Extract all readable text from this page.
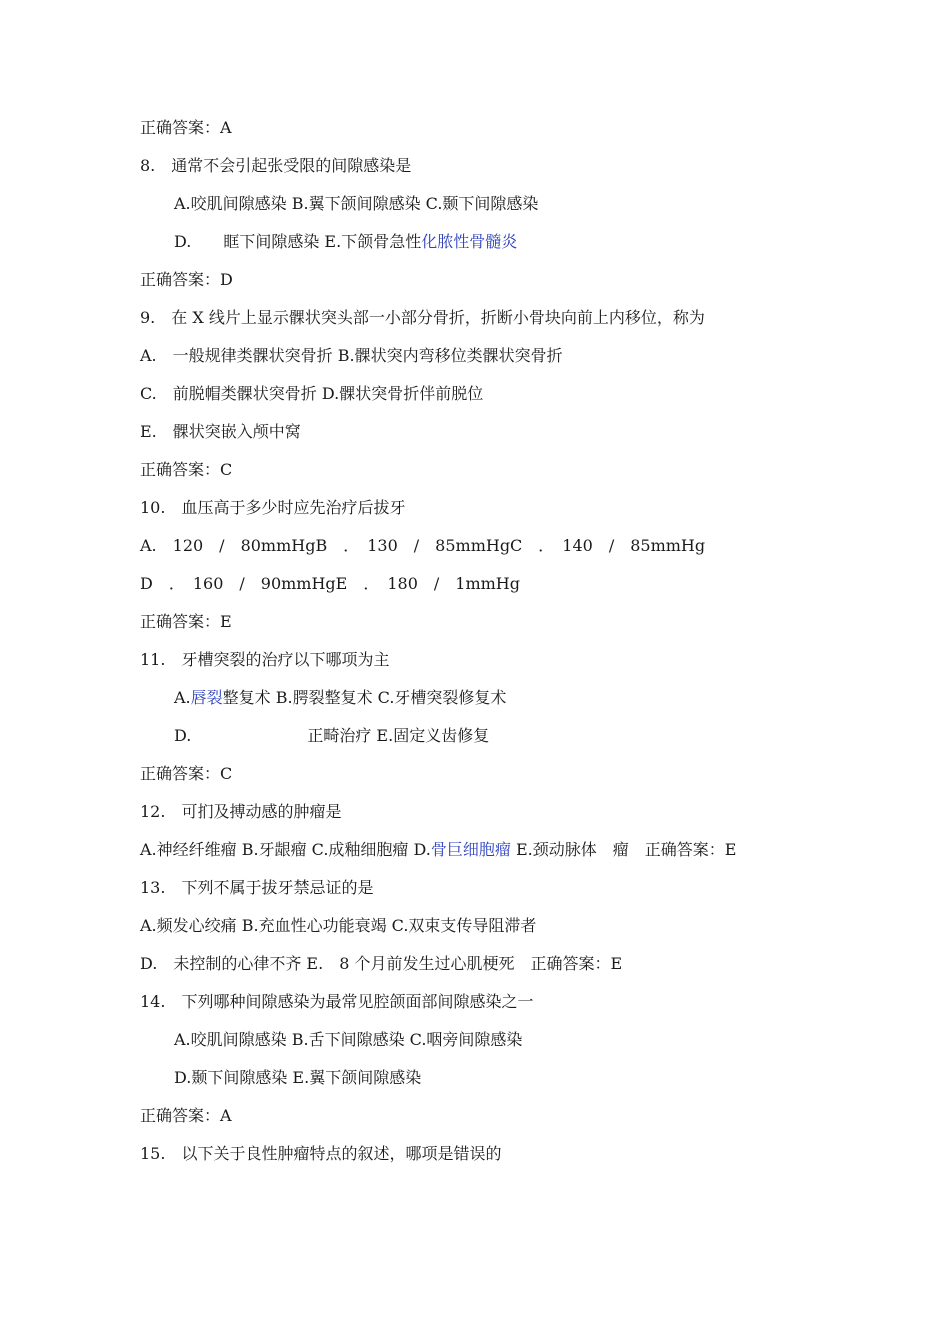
正确答案：A
8.　通常不会引起张受限的间隙感染是
A.咬肌间隙感染 B.翼下颌间隙感染 C.颞下间隙感染
D.　　眶下间隙感染 E.下颌骨急性化脓性骨髓炎
正确答案：D
9.　在 X 线片上显示髁状突头部一小部分骨折，折断小骨块向前上内移位，称为
A.　一般规律类髁状突骨折 B.髁状突内弯移位类髁状突骨折
C.　前脱帽类髁状突骨折 D.髁状突骨折伴前脱位
E.　髁状突嵌入颅中窝
正确答案：C
10.　血压高于多少时应先治疗后拔牙
A.　120　/　80mmHgB　．　130　/　85mmHgC　．　140　/　85mmHg
D　．　160　/　90mmHgE　．　180　/　1mmHg
正确答案：E
11.　牙槽突裂的治疗以下哪项为主
A.唇裂整复术 B.腭裂整复术 C.牙槽突裂修复术
D.	正畸治疗 E.固定义齿修复
正确答案：C
12.　可扪及搏动感的肿瘤是
A.神经纤维瘤 B.牙龈瘤 C.成釉细胞瘤 D.骨巨细胞瘤 E.颈动脉体　瘤　正确答案：E
13.　下列不属于拔牙禁忌证的是
A.频发心绞痛 B.充血性心功能衰竭 C.双束支传导阻滞者
D.　未控制的心律不齐 E.　8 个月前发生过心肌梗死　正确答案：E
14.　下列哪种间隙感染为最常见腔颌面部间隙感染之一
A.咬肌间隙感染 B.舌下间隙感染 C.咽旁间隙感染
D.颞下间隙感染 E.翼下颌间隙感染
正确答案：A
15.　以下关于良性肿瘤特点的叙述，哪项是错误的
